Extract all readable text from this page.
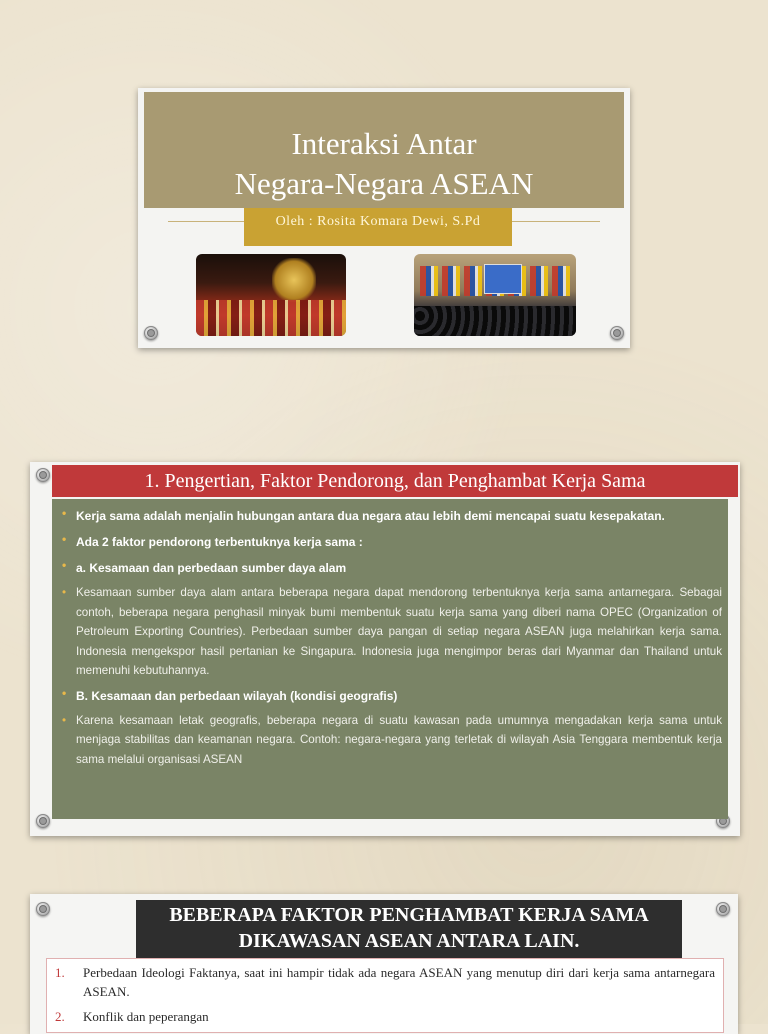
Interaksi Antar
Negara-Negara ASEAN
Oleh : Rosita Komara Dewi, S.Pd
1. Pengertian, Faktor Pendorong, dan Penghambat Kerja Sama
• Kerja sama adalah menjalin hubungan antara dua negara atau lebih demi mencapai suatu kesepakatan.
• Ada 2 faktor pendorong terbentuknya kerja sama :
• a. Kesamaan dan perbedaan sumber daya alam
• Kesamaan sumber daya alam antara beberapa negara dapat mendorong terbentuknya kerja sama antarnegara. Sebagai contoh, beberapa negara penghasil minyak bumi membentuk suatu kerja sama yang diberi nama OPEC (Organization of Petroleum Exporting Countries). Perbedaan sumber daya pangan di setiap negara ASEAN juga melahirkan kerja sama. Indonesia mengekspor hasil pertanian ke Singapura. Indonesia juga mengimpor beras dari Myanmar dan Thailand untuk memenuhi kebutuhannya.
• B. Kesamaan dan perbedaan wilayah (kondisi geografis)
• Karena kesamaan letak geografis, beberapa negara di suatu kawasan pada umumnya mengadakan kerja sama untuk menjaga stabilitas dan keamanan negara. Contoh: negara-negara yang terletak di wilayah Asia Tenggara membentuk kerja sama melalui organisasi ASEAN
BEBERAPA FAKTOR PENGHAMBAT KERJA SAMA
DIKAWASAN ASEAN ANTARA LAIN.
1. Perbedaan Ideologi Faktanya, saat ini hampir tidak ada negara ASEAN yang menutup diri dari kerja sama antarnegara ASEAN.
2. Konflik dan peperangan
